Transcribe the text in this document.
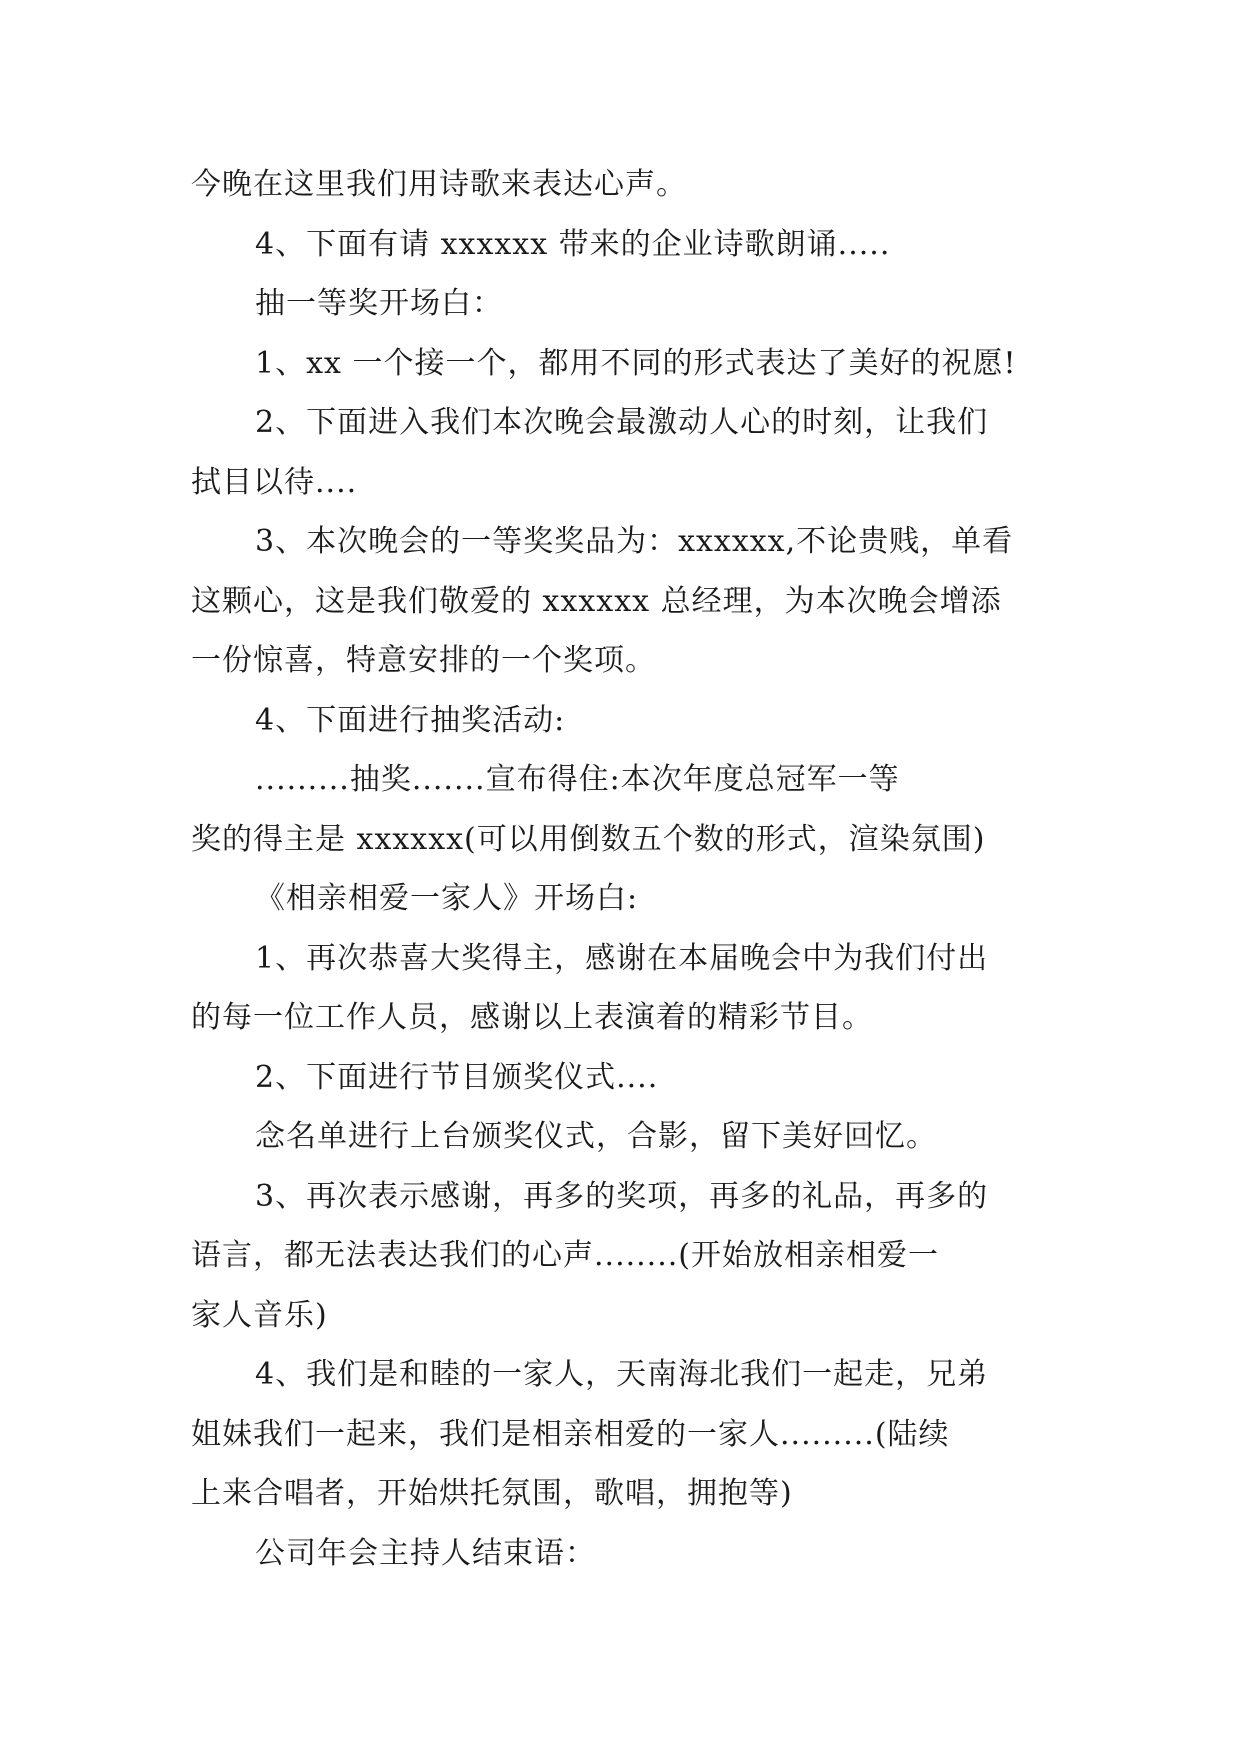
今晚在这里我们用诗歌来表达心声。
4、下面有请 xxxxxx 带来的企业诗歌朗诵.....
抽一等奖开场白：
1、xx 一个接一个，都用不同的形式表达了美好的祝愿!
2、下面进入我们本次晚会最激动人心的时刻，让我们
拭目以待....
3、本次晚会的一等奖奖品为：xxxxxx,不论贵贱，单看
这颗心，这是我们敬爱的 xxxxxx 总经理，为本次晚会增添
一份惊喜，特意安排的一个奖项。
4、下面进行抽奖活动:
.........抽奖.......宣布得住:本次年度总冠军一等
奖的得主是 xxxxxx(可以用倒数五个数的形式，渲染氛围)
《相亲相爱一家人》开场白:
1、再次恭喜大奖得主，感谢在本届晚会中为我们付出
的每一位工作人员，感谢以上表演着的精彩节目。
2、下面进行节目颁奖仪式....
念名单进行上台颁奖仪式，合影，留下美好回忆。
3、再次表示感谢，再多的奖项，再多的礼品，再多的
语言，都无法表达我们的心声........(开始放相亲相爱一
家人音乐)
4、我们是和睦的一家人，天南海北我们一起走，兄弟
姐妹我们一起来，我们是相亲相爱的一家人.........(陆续
上来合唱者，开始烘托氛围，歌唱，拥抱等)
公司年会主持人结束语：
